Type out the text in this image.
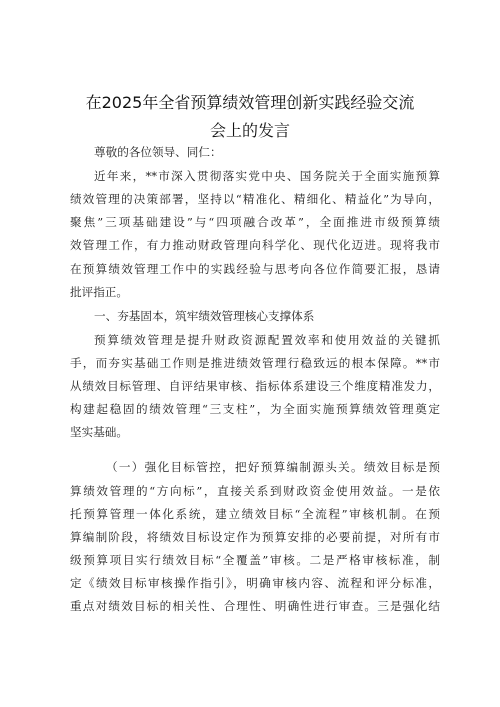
在2025年全省预算绩效管理创新实践经验交流
会上的发言
尊敬的各位领导、同仁：
近年来，**市深入贯彻落实党中央、国务院关于全面实施预算
绩效管理的决策部署，坚持以“精准化、精细化、精益化”为导向，
聚焦”三项基础建设”与“四项融合改革”，全面推进市级预算绩
效管理工作，有力推动财政管理向科学化、现代化迈进。现将我市
在预算绩效管理工作中的实践经验与思考向各位作简要汇报，恳请
批评指正。
一、夯基固本，筑牢绩效管理核心支撑体系
预算绩效管理是提升财政资源配置效率和使用效益的关键抓
手，而夯实基础工作则是推进绩效管理行稳致远的根本保障。**市
从绩效目标管理、自评结果审核、指标体系建设三个维度精准发力，
构建起稳固的绩效管理“三支柱”，为全面实施预算绩效管理奠定
坚实基础。
（一）强化目标管控，把好预算编制源头关。绩效目标是预
算绩效管理的“方向标”，直接关系到财政资金使用效益。一是依
托预算管理一体化系统，建立绩效目标“全流程”审核机制。在预
算编制阶段，将绩效目标设定作为预算安排的必要前提，对所有市
级预算项目实行绩效目标“全覆盖”审核。二是严格审核标准，制
定《绩效目标审核操作指引》，明确审核内容、流程和评分标准，
重点对绩效目标的相关性、合理性、明确性进行审查。三是强化结
